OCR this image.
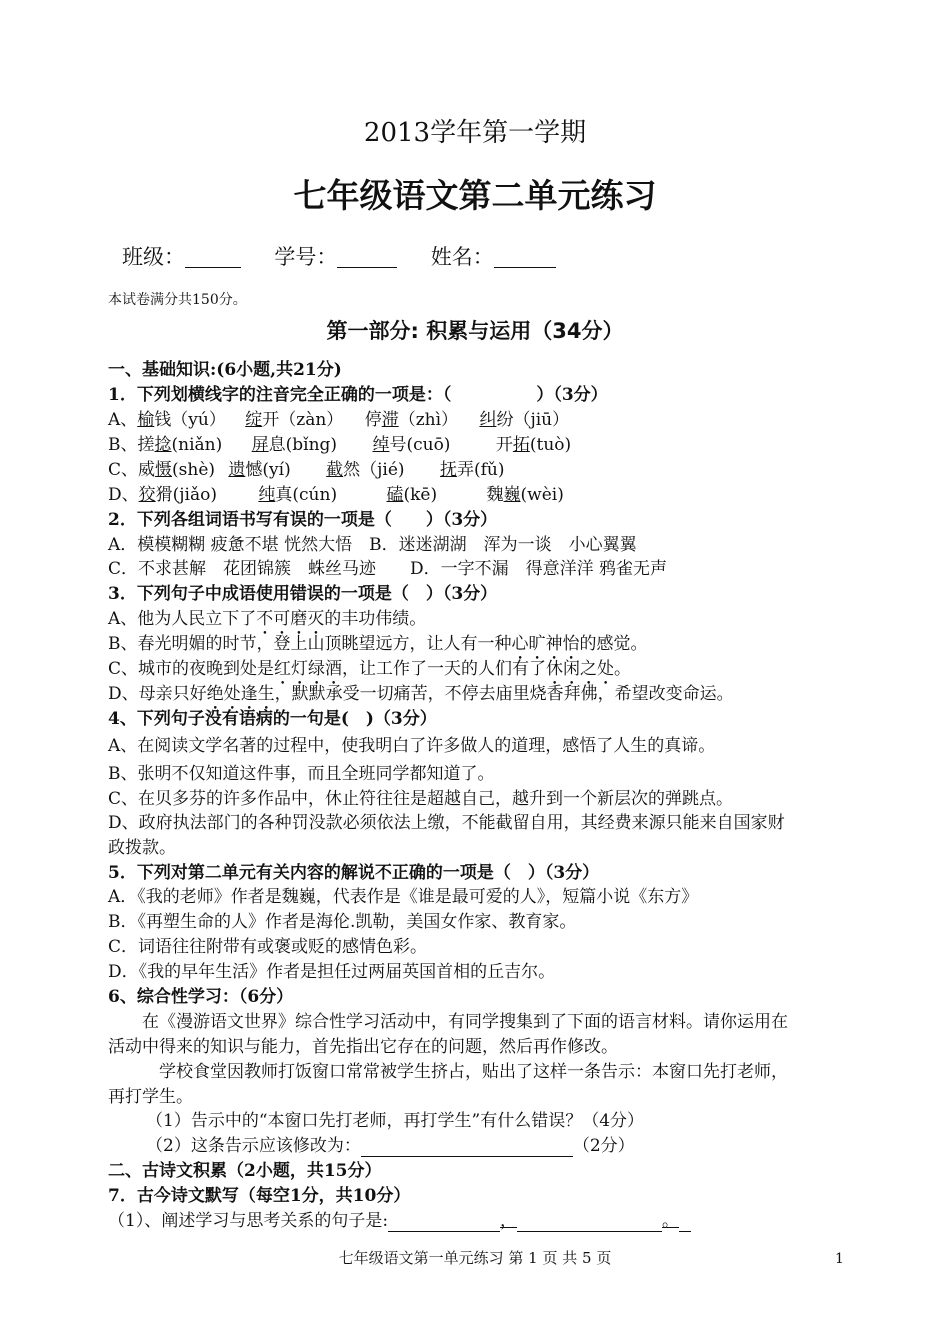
2013学年第一学期
七年级语文第二单元练习
班级：	学号：	姓名：
本试卷满分共150分。
第一部分: 积累与运用（34分）
一、基础知识:(6小题,共21分)
1．下列划横线字的注音完全正确的一项是：（　　　　　）（3分）
A、榆钱（yú） 绽开（zàn） 停滞（zhì） 纠纷（jiū）
B、搓捻(niǎn) 屏息(bǐng) 绰号(cuō)	开拓(tuò)
C、威慑(shè) 遗憾(yí) 截然（jié) 抚弄(fǔ)
D、狡猾(jiǎo) 纯真(cún)	磕(kē)	魏巍(wèi)
2．下列各组词语书写有误的一项是（　　）（3分）
A．模模糊糊 疲惫不堪 恍然大悟　B．迷迷湖湖　浑为一谈　小心翼翼
C．不求甚解　花团锦簇　蛛丝马迹　　D．一字不漏　得意洋洋 鸦雀无声
3．下列句子中成语使用错误的一项是（　）（3分）
A、他为人民立下了不可磨灭的丰功伟绩。
B、春光明媚的时节，登上山顶眺望远方，让人有一种心旷神怡的感觉。
C、城市的夜晚到处是红灯绿酒，让工作了一天的人们有了休闲之处。
D、母亲只好绝处逢生，默默承受一切痛苦，不停去庙里烧香拜佛，希望改变命运。
4、下列句子没有语病的一句是(　)（3分）
A、在阅读文学名著的过程中，使我明白了许多做人的道理，感悟了人生的真谛。
B、张明不仅知道这件事，而且全班同学都知道了。
C、在贝多芬的许多作品中，休止符往往是超越自己，越升到一个新层次的弹跳点。
D、政府执法部门的各种罚没款必须依法上缴，不能截留自用，其经费来源只能来自国家财
政拨款。
5．下列对第二单元有关内容的解说不正确的一项是（　）（3分）
A．《我的老师》作者是魏巍，代表作是《谁是最可爱的人》，短篇小说《东方》
B．《再塑生命的人》作者是海伦.凯勒，美国女作家、教育家。
C．词语往往附带有或褒或贬的感情色彩。
D．《我的早年生活》作者是担任过两届英国首相的丘吉尔。
6、综合性学习：（6分）
　　在《漫游语文世界》综合性学习活动中，有同学搜集到了下面的语言材料。请你运用在
活动中得来的知识与能力，首先指出它存在的问题，然后再作修改。
　　　学校食堂因教师打饭窗口常常被学生挤占，贴出了这样一条告示：本窗口先打老师，
再打学生。
（1）告示中的“本窗口先打老师，再打学生”有什么错误？（4分）
（2）这条告示应该修改为：	（2分）
二、古诗文积累（2小题，共15分）
7．古今诗文默写（每空1分，共10分）
（1）、阐述学习与思考关系的句子是:	，	。
七年级语文第一单元练习 第 1 页 共 5 页	1
